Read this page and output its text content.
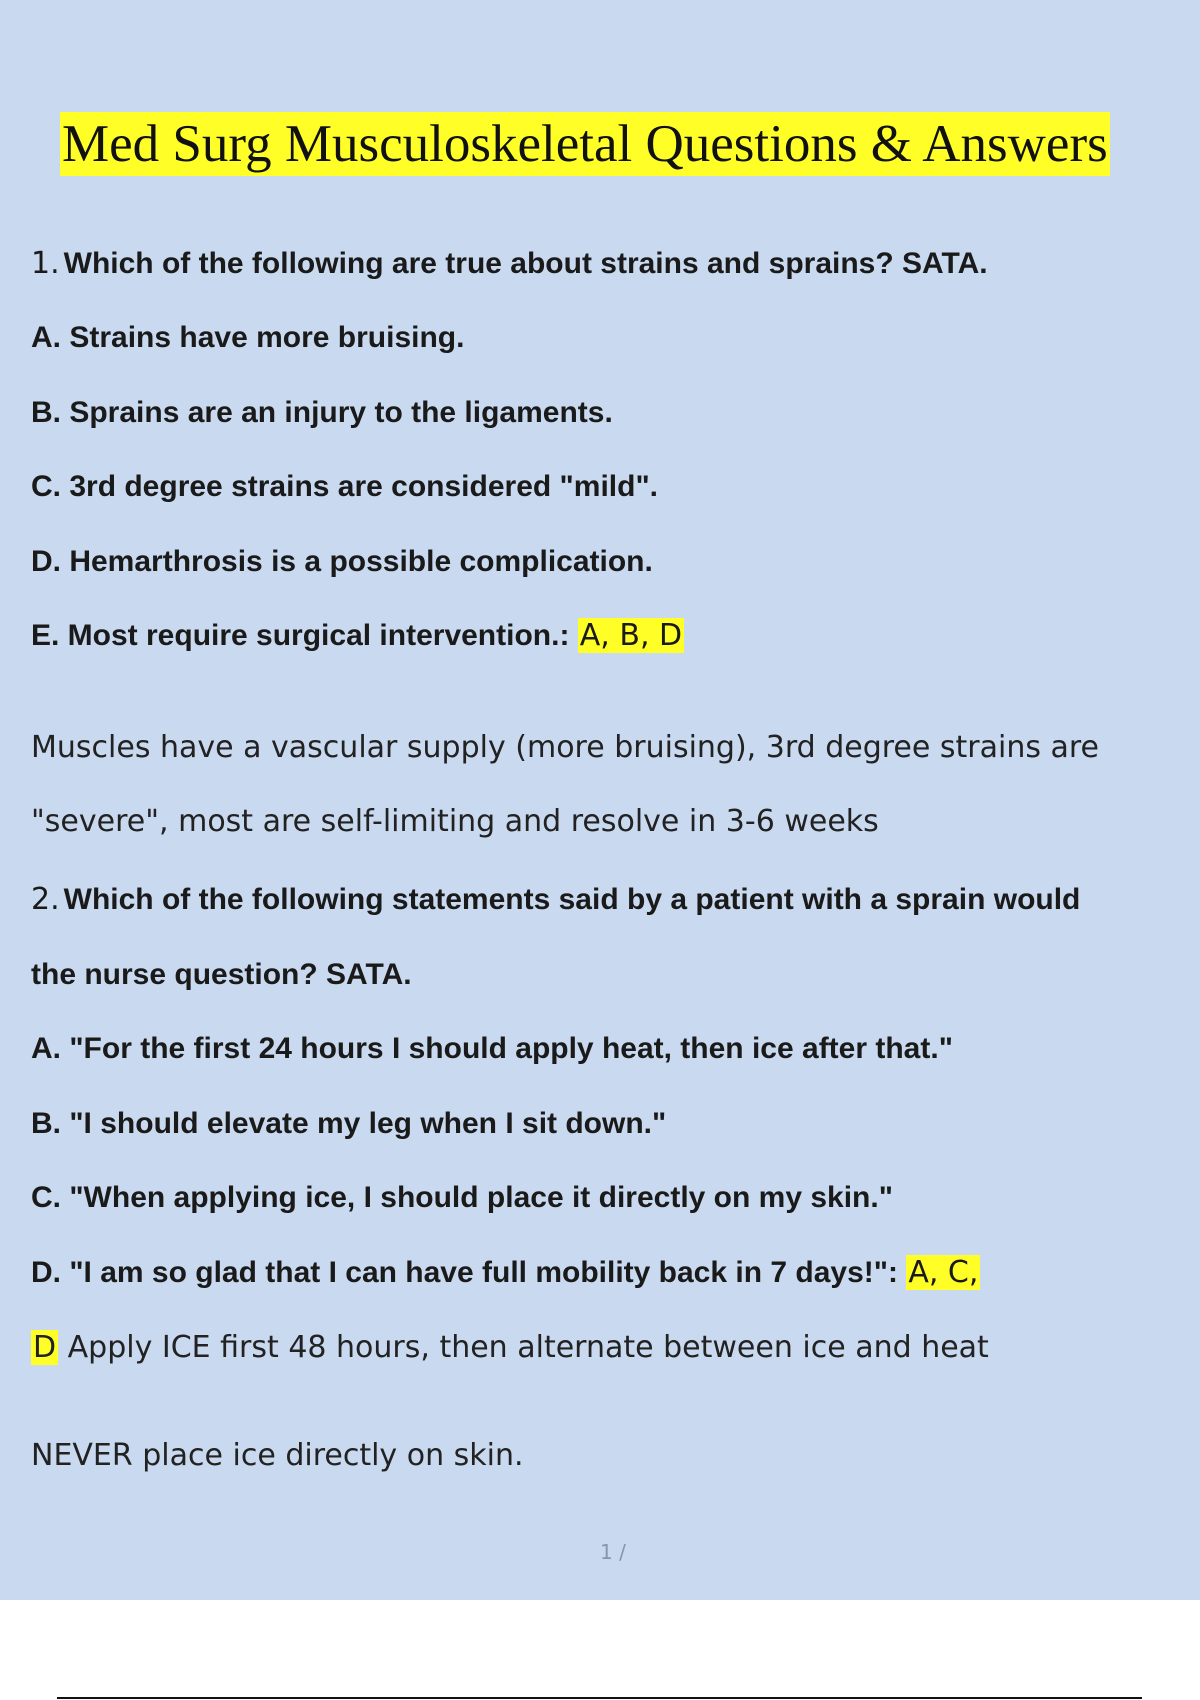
Med Surg Musculoskeletal Questions & Answers

1. Which of the following are true about strains and sprains? SATA.

A. Strains have more bruising.

B. Sprains are an injury to the ligaments.

C. 3rd degree strains are considered "mild".

D. Hemarthrosis is a possible complication.

E. Most require surgical intervention.: A, B, D

Muscles have a vascular supply (more bruising), 3rd degree strains are

"severe", most are self-limiting and resolve in 3-6 weeks

2. Which of the following statements said by a patient with a sprain would

the nurse question? SATA.

A. "For the first 24 hours I should apply heat, then ice after that."

B. "I should elevate my leg when I sit down."

C. "When applying ice, I should place it directly on my skin."

D. "I am so glad that I can have full mobility back in 7 days!": A, C,

D Apply ICE first 48 hours, then alternate between ice and heat

NEVER place ice directly on skin.

1 /
